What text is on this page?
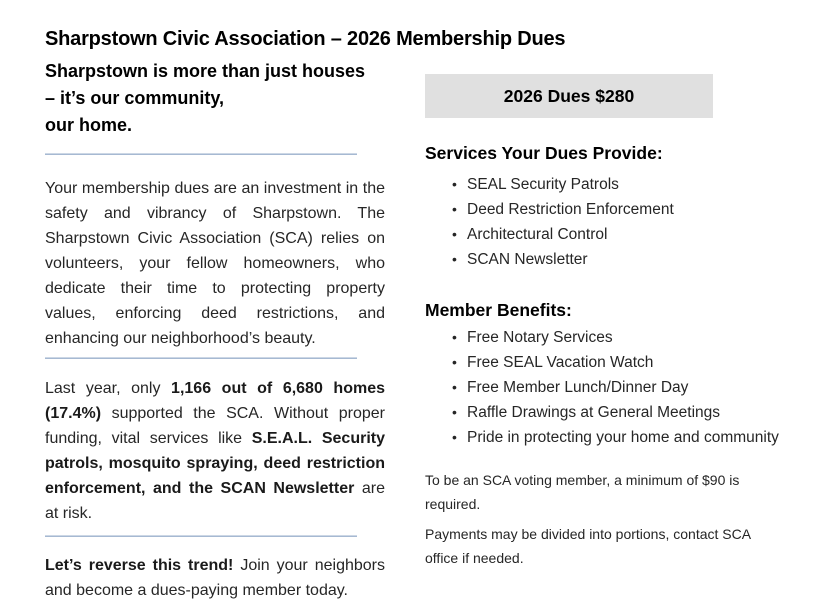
Sharpstown Civic Association – 2026 Membership Dues
Sharpstown is more than just houses
– it’s our community,
our home.

Your membership dues are an investment in the safety and vibrancy of Sharpstown. The Sharpstown Civic Association (SCA) relies on volunteers, your fellow homeowners, who dedicate their time to protecting property values, enforcing deed restrictions, and enhancing our neighborhood’s beauty.

Last year, only 1,166 out of 6,680 homes (17.4%) supported the SCA. Without proper funding, vital services like S.E.A.L. Security patrols, mosquito spraying, deed restriction enforcement, and the SCAN Newsletter are at risk.

Let’s reverse this trend! Join your neighbors and become a dues-paying member today.

2026 Dues $280
Services Your Dues Provide:
• SEAL Security Patrols
• Deed Restriction Enforcement
• Architectural Control
• SCAN Newsletter
Member Benefits:
• Free Notary Services
• Free SEAL Vacation Watch
• Free Member Lunch/Dinner Day
• Raffle Drawings at General Meetings
• Pride in protecting your home and community

To be an SCA voting member, a minimum of $90 is required.

Payments may be divided into portions, contact SCA office if needed.
